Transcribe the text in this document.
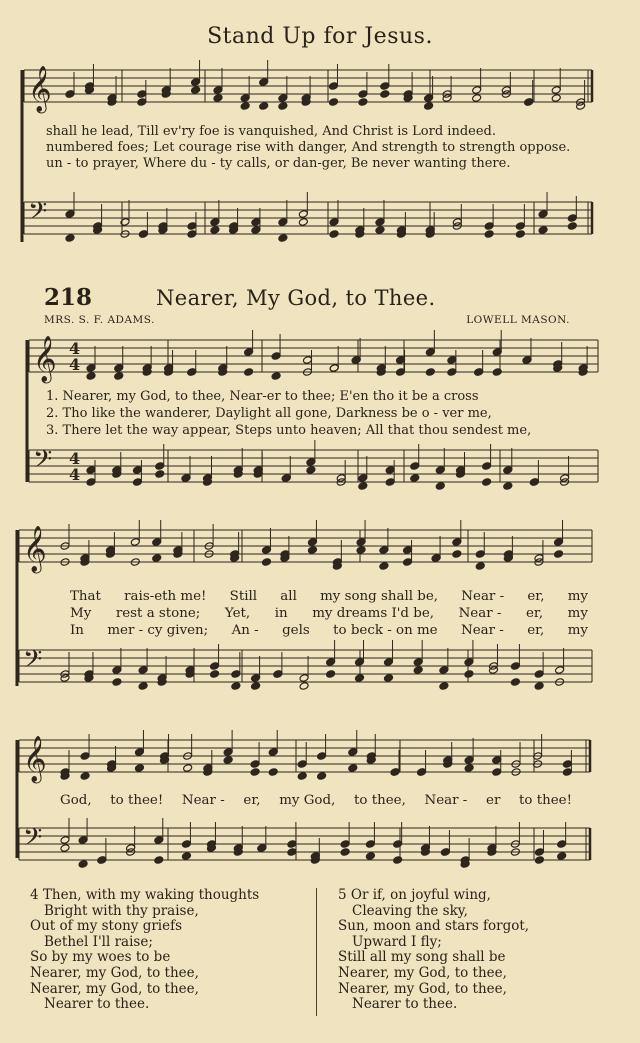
𝄞
𝄢
𝄞 4
4
𝄢 4
4
𝄞
𝄢
𝄞
𝄢
Stand Up for Jesus.
shall he lead, Till ev'ry foe is vanquished, And Christ is Lord indeed.
numbered foes; Let courage rise with danger, And strength to strength oppose.
un - to prayer, Where du - ty calls, or dan-ger, Be never wanting there.
218	Nearer, My God, to Thee.
MRS. S. F. ADAMS.	LOWELL MASON.
1. Nearer, my God, to thee, Near-er to thee; E'en tho it be a cross
2. Tho like the wanderer, Daylight all gone, Darkness be o - ver me,
3. There let the way appear, Steps unto heaven; All that thou sendest me,
That rais-eth me! Still all my song shall be, Near - er, my
My rest a stone; Yet, in my dreams I'd be, Near - er, my
In mer - cy given; An - gels to beck - on me Near - er, my
God, to thee! Near - er, my God, to thee, Near - er to thee!
4 Then, with my waking thoughts
Bright with thy praise,
Out of my stony griefs
Bethel I'll raise;
So by my woes to be
Nearer, my God, to thee,
Nearer, my God, to thee,
Nearer to thee.
5 Or if, on joyful wing,
Cleaving the sky,
Sun, moon and stars forgot,
Upward I fly;
Still all my song shall be
Nearer, my God, to thee,
Nearer, my God, to thee,
Nearer to thee.
